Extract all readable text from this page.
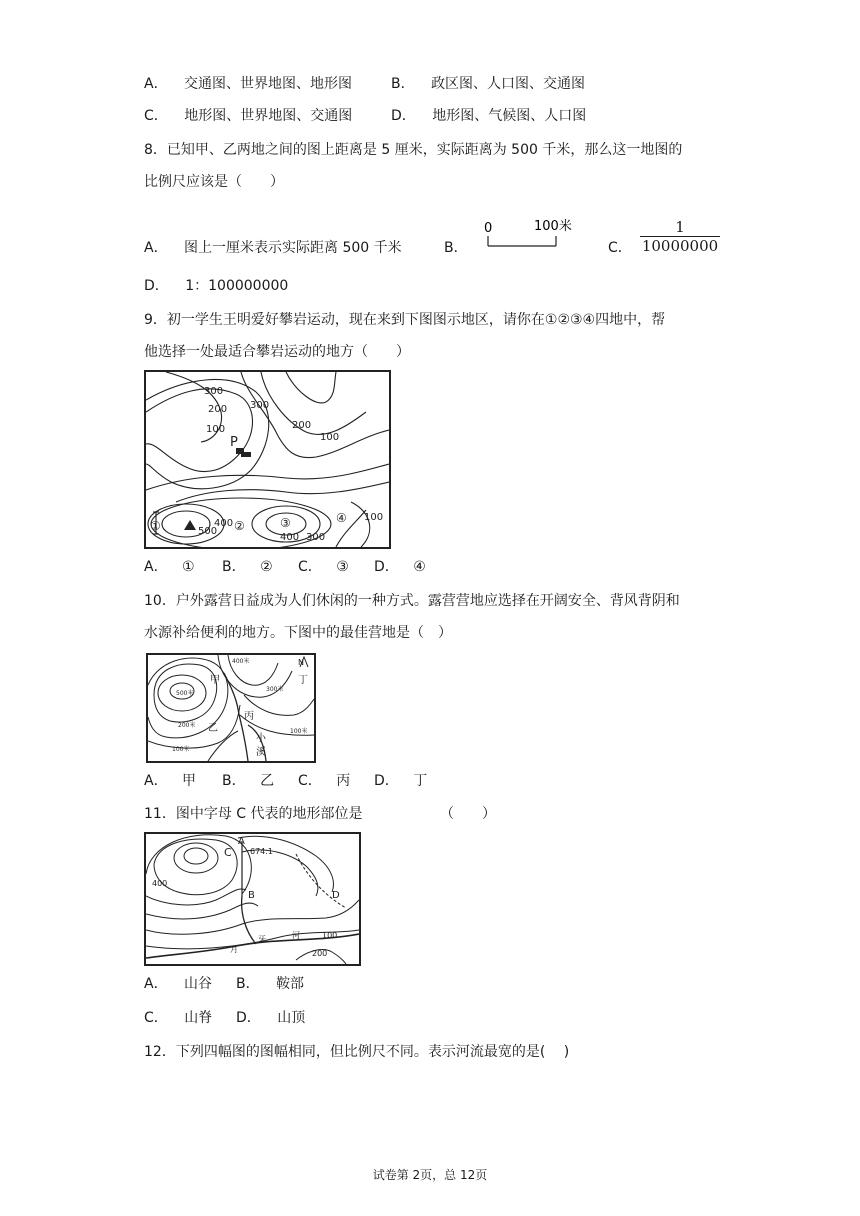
A． 交通图、世界地图、地形图	B． 政区图、人口图、交通图
C． 地形图、世界地图、交通图	D． 地形图、气候图、人口图
8．已知甲、乙两地之间的图上距离是 5 厘米，实际距离为 500 千米，那么这一地图的
比例尺应该是（　　）
A． 图上一厘米表示实际距离 500 千米	B．
0	100米
C． $\frac{1}{10000000}$
D． 1：100000000
9．初一学生王明爱好攀岩运动，现在来到下图图示地区，请你在①②③④四地中，帮
他选择一处最适合攀岩运动的地方（　　）
300
200
100
300
200
100
P
500
400
400 300
100
①	②	③	④
A． ① B． ② C． ③ D． ④
10．户外露营日益成为人们休闲的一种方式。露营营地应选择在开阔安全、背风背阴和
水源补给便利的地方。下图中的最佳营地是（　）
甲
乙
丙
丁
小
溪
N
500米
400米
300米
200米
100米
100米
A． 甲 B． 乙 C． 丙 D． 丁
11．图中字母 C 代表的地形部位是	（　　）
A
B
C
D
674.1
400
100
200
月
牙	河
A． 山谷 B． 鞍部
C． 山脊 D． 山顶
12．下列四幅图的图幅相同，但比例尺不同。表示河流最宽的是(　 )
试卷第 2页，总 12页
